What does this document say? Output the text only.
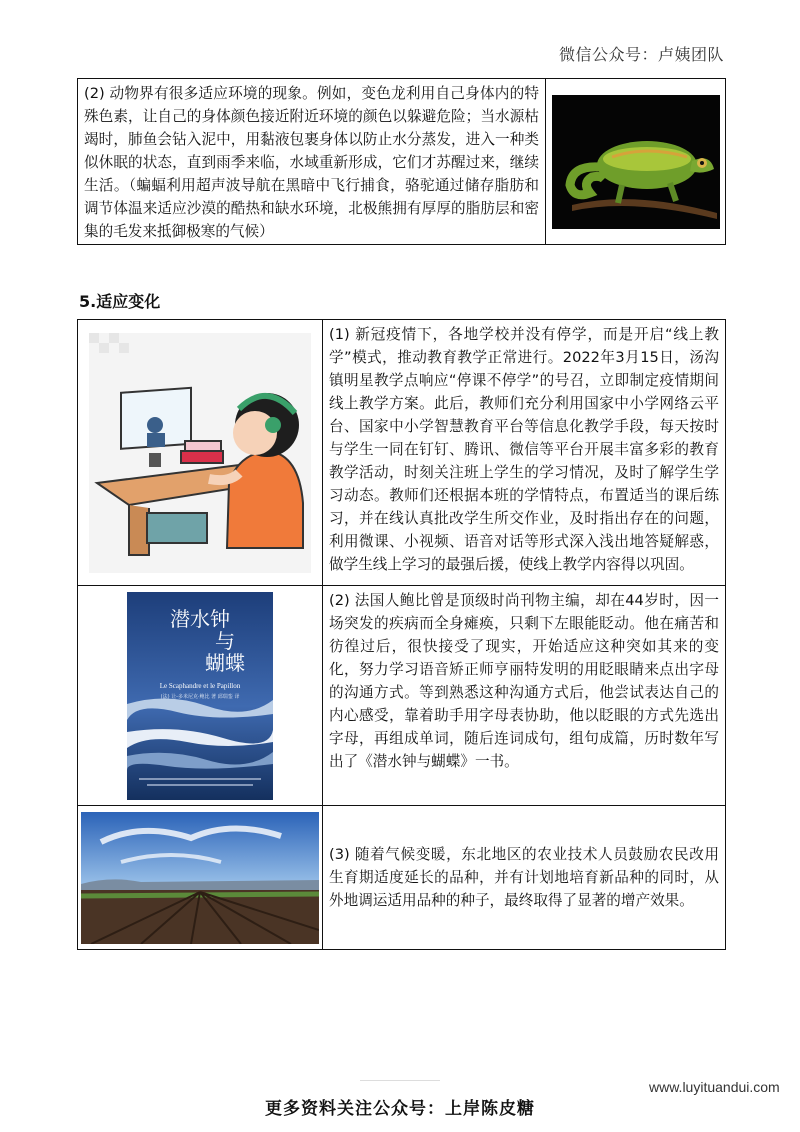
微信公众号：卢姨团队
(2) 动物界有很多适应环境的现象。例如，变色龙利用自己身体内的特殊色素，让自己的身体颜色接近附近环境的颜色以躲避危险；当水源枯竭时，肺鱼会钻入泥中，用黏液包裹身体以防止水分蒸发，进入一种类似休眠的状态，直到雨季来临，水域重新形成，它们才苏醒过来，继续生活。（蝙蝠利用超声波导航在黑暗中飞行捕食，骆驼通过储存脂肪和调节体温来适应沙漠的酷热和缺水环境，北极熊拥有厚厚的脂肪层和密集的毛发来抵御极寒的气候）

5.适应变化

(1) 新冠疫情下，各地学校并没有停学，而是开启“线上教学”模式，推动教育教学正常进行。2022年3月15日，汤沟镇明星教学点响应“停课不停学”的号召，立即制定疫情期间线上教学方案。此后，教师们充分利用国家中小学网络云平台、国家中小学智慧教育平台等信息化教学手段，每天按时与学生一同在钉钉、腾讯、微信等平台开展丰富多彩的教育教学活动，时刻关注班上学生的学习情况，及时了解学生学习动态。教师们还根据本班的学情特点，布置适当的课后练习，并在线认真批改学生所交作业，及时指出存在的问题，利用微课、小视频、语音对话等形式深入浅出地答疑解惑，做学生线上学习的最强后援，使线上教学内容得以巩固。

潜水钟
与
蝴蝶
Le Scaphandre et le Papillon
(法) 让-多米尼克·鲍比 著 邱瑞銮 译	(2) 法国人鲍比曾是顶级时尚刊物主编，却在44岁时，因一场突发的疾病而全身瘫痪，只剩下左眼能眨动。他在痛苦和彷徨过后，很快接受了现实，开始适应这种突如其来的变化，努力学习语音矫正师亨丽特发明的用眨眼睛来点出字母的沟通方式。等到熟悉这种沟通方式后，他尝试表达自己的内心感受，靠着助手用字母表协助，他以眨眼的方式先选出字母，再组成单词，随后连词成句，组句成篇，历时数年写出了《潜水钟与蝴蝶》一书。

(3) 随着气候变暖，东北地区的农业技术人员鼓励农民改用生育期适度延长的品种，并有计划地培育新品种的同时，从外地调运适用品种的种子，最终取得了显著的增产效果。
www.luyituandui.com
更多资料关注公众号：上岸陈皮糖
